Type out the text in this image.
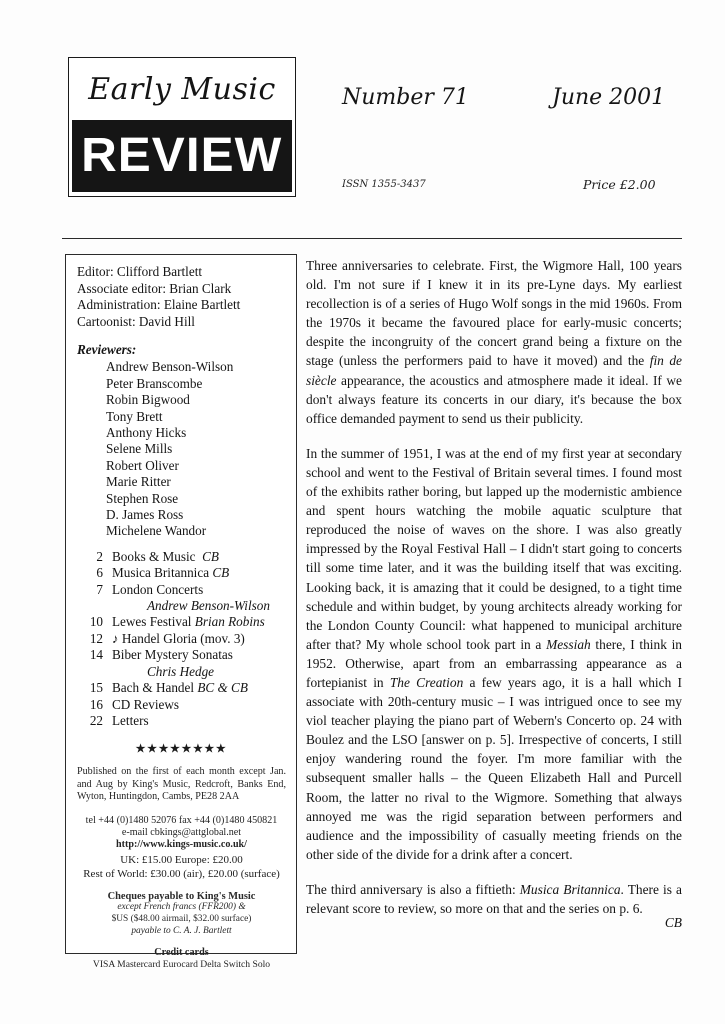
Early Music
REVIEW
Number 71	June 2001
ISSN 1355-3437	Price £2.00
Editor: Clifford Bartlett
Associate editor: Brian Clark
Administration: Elaine Bartlett
Cartoonist: David Hill
Reviewers:
Andrew Benson-Wilson
Peter Branscombe
Robin Bigwood
Tony Brett
Anthony Hicks
Selene Mills
Robert Oliver
Marie Ritter
Stephen Rose
D. James Ross
Michelene Wandor
2 Books & Music CB
6 Musica Britannica CB
7 London Concerts
Andrew Benson-Wilson
10 Lewes Festival Brian Robins
12 ♪ Handel Gloria (mov. 3)
14 Biber Mystery Sonatas
Chris Hedge
15 Bach & Handel BC & CB
16 CD Reviews
22 Letters
★★★★★★★★
Published on the first of each month except Jan. and Aug by King's Music, Redcroft, Banks End, Wyton, Huntingdon, Cambs, PE28 2AA
tel +44 (0)1480 52076 fax +44 (0)1480 450821
e-mail cbkings@attglobal.net
http://www.kings-music.co.uk/
UK: £15.00 Europe: £20.00
Rest of World: £30.00 (air), £20.00 (surface)
Cheques payable to King's Music
except French francs (FFR200) &
$US ($48.00 airmail, $32.00 surface)
payable to C. A. J. Bartlett
Credit cards
VISA Mastercard Eurocard Delta Switch Solo

Three anniversaries to celebrate. First, the Wigmore Hall, 100 years old. I'm not sure if I knew it in its pre-Lyne days. My earliest recollection is of a series of Hugo Wolf songs in the mid 1960s. From the 1970s it became the favoured place for early-music concerts; despite the incongruity of the concert grand being a fixture on the stage (unless the performers paid to have it moved) and the fin de siècle appearance, the acoustics and atmosphere made it ideal. If we don't always feature its concerts in our diary, it's because the box office demanded payment to send us their publicity.

In the summer of 1951, I was at the end of my first year at secondary school and went to the Festival of Britain several times. I found most of the exhibits rather boring, but lapped up the modernistic ambience and spent hours watching the mobile aquatic sculpture that reproduced the noise of waves on the shore. I was also greatly impressed by the Royal Festival Hall – I didn't start going to concerts till some time later, and it was the building itself that was exciting. Looking back, it is amazing that it could be designed, to a tight time schedule and within budget, by young architects already working for the London County Council: what happened to municipal architure after that? My whole school took part in a Messiah there, I think in 1952. Otherwise, apart from an embarrassing appearance as a fortepianist in The Creation a few years ago, it is a hall which I associate with 20th-century music – I was intrigued once to see my viol teacher playing the piano part of Webern's Concerto op. 24 with Boulez and the LSO [answer on p. 5]. Irrespective of concerts, I still enjoy wandering round the foyer. I'm more familiar with the subsequent smaller halls – the Queen Elizabeth Hall and Purcell Room, the latter no rival to the Wigmore. Something that always annoyed me was the rigid separation between performers and audience and the impossibility of casually meeting friends on the other side of the divide for a drink after a concert.

The third anniversary is also a fiftieth: Musica Britannica. There is a relevant score to review, so more on that and the series on p. 6.

CB
